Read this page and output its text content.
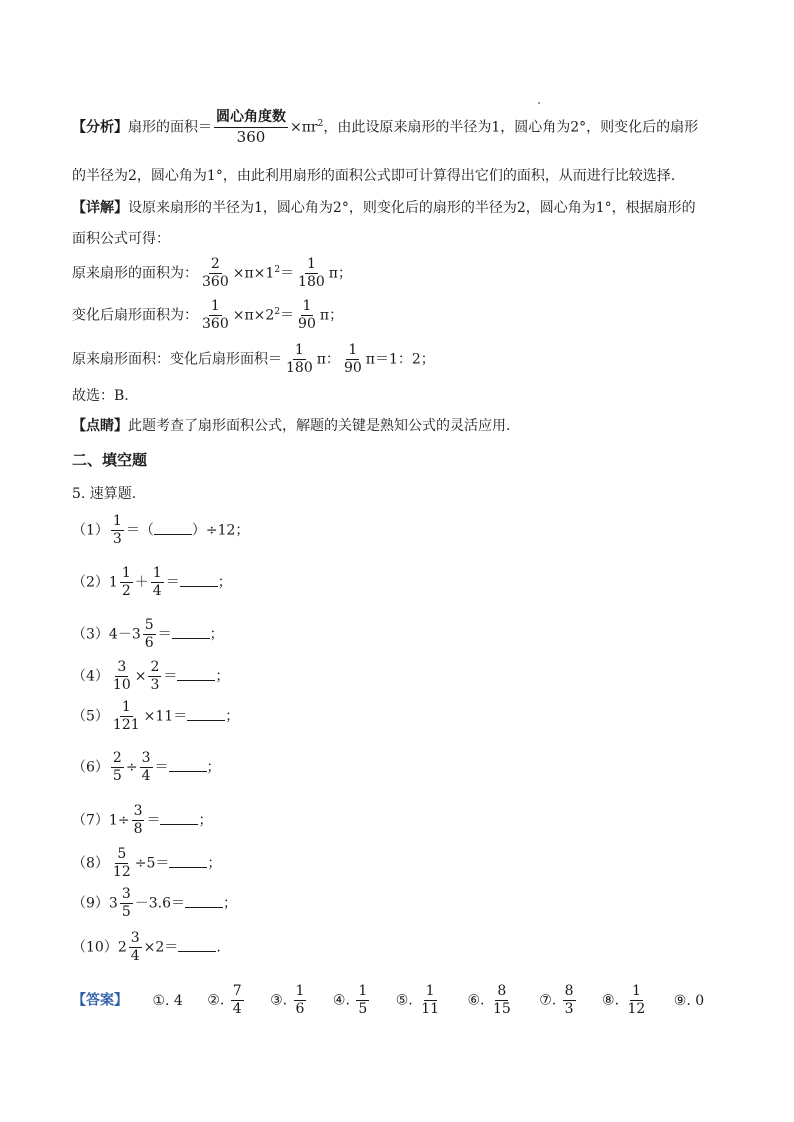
【分析】扇形的面积＝ $\frac{\text{圆心角度数}}{360} \times\pi r^2$，由此设原来扇形的半径为1，圆心角为2°，则变化后的扇形
的半径为2，圆心角为1°，由此利用扇形的面积公式即可计算得出它们的面积，从而进行比较选择.
【详解】设原来扇形的半径为1，圆心角为2°，则变化后的扇形的半径为2，圆心角为1°，根据扇形的
面积公式可得：
原来扇形的面积为： $\frac{2}{360} \times\pi\times 1^2= \frac{1}{180}$ π；
变化后扇形面积为： $\frac{1}{360} \times\pi\times 2^2= \frac{1}{90}$ π；
原来扇形面积：变化后扇形面积＝ $\frac{1}{180}$ π： $\frac{1}{90} \pi=1$：2；
故选：B.
【点睛】此题考查了扇形面积公式，解题的关键是熟知公式的灵活应用.
二、填空题
5. 速算题.
$(1) \frac{1}{3}$ ＝（	）÷12；
$(2)1 \frac{1}{2} + \frac{1}{4}$ ＝	；
$(3)4-3 \frac{5}{6}$ ＝	；
$(4) \frac{3}{10} \times \frac{2}{3}$ ＝	；
$(5) \frac{1}{121} \times 11=$	；
$(6) \frac{2}{5} \div \frac{3}{4}$ ＝	；
$(7)1\div \frac{3}{8}$ ＝	；
$(8) \frac{5}{12} \div 5=$	；
$(9)3 \frac{3}{5} -3.6=$	；
$(10)2 \frac{3}{4} \times 2=$	.
【答案】 ①. 4 ②. $\frac{7}{4}$ ③. $\frac{1}{6}$ ④. $\frac{1}{5}$ ⑤. $\frac{1}{11}$ ⑥. $\frac{8}{15}$ ⑦. $\frac{8}{3}$ ⑧. $\frac{1}{12}$ ⑨. 0
